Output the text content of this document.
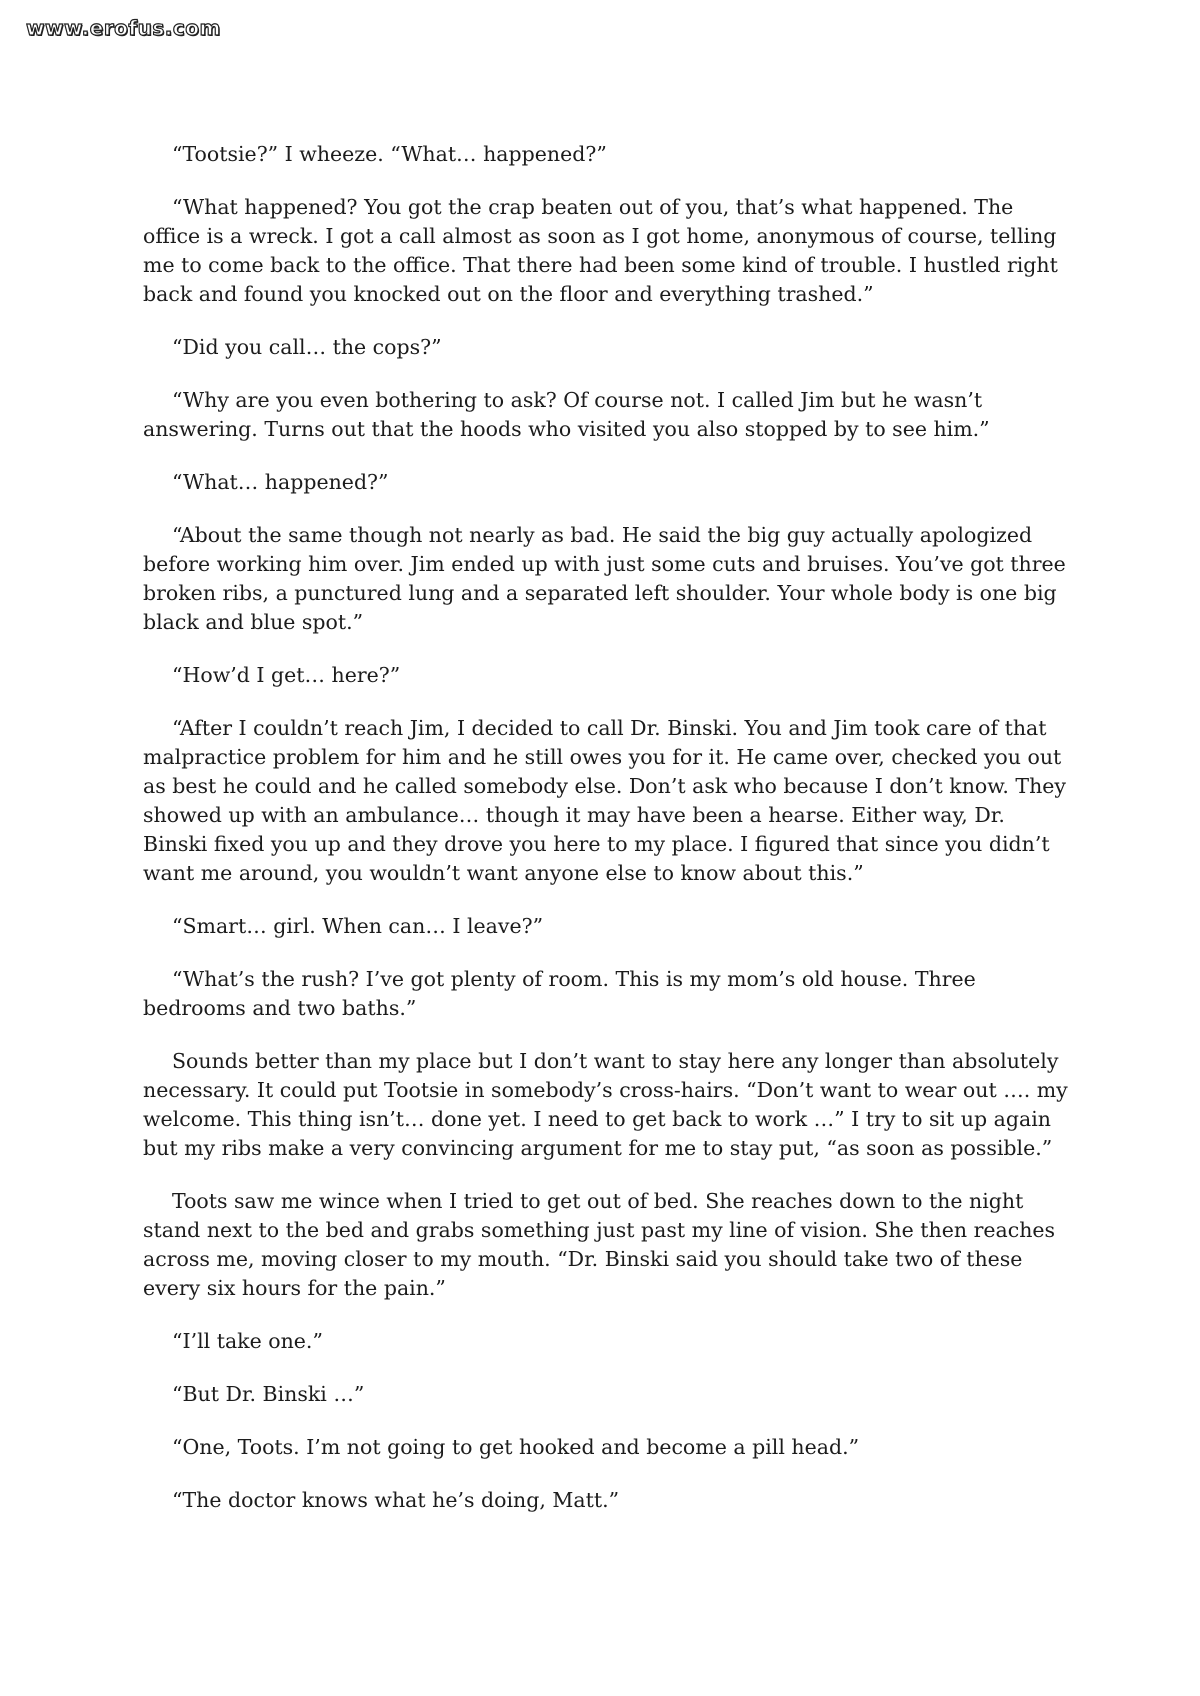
www.erofus.com

“Tootsie?” I wheeze. “What… happened?”

“What happened? You got the crap beaten out of you, that’s what happened. The office is a wreck. I got a call almost as soon as I got home, anonymous of course, telling me to come back to the office. That there had been some kind of trouble. I hustled right back and found you knocked out on the floor and everything trashed.”

“Did you call… the cops?”

“Why are you even bothering to ask? Of course not. I called Jim but he wasn’t answering. Turns out that the hoods who visited you also stopped by to see him.”

“What… happened?”

“About the same though not nearly as bad. He said the big guy actually apologized before working him over. Jim ended up with just some cuts and bruises. You’ve got three broken ribs, a punctured lung and a separated left shoulder. Your whole body is one big black and blue spot.”

“How’d I get… here?”

“After I couldn’t reach Jim, I decided to call Dr. Binski. You and Jim took care of that malpractice problem for him and he still owes you for it. He came over, checked you out as best he could and he called somebody else. Don’t ask who because I don’t know. They showed up with an ambulance… though it may have been a hearse. Either way, Dr. Binski fixed you up and they drove you here to my place. I figured that since you didn’t want me around, you wouldn’t want anyone else to know about this.”

“Smart… girl. When can… I leave?”

“What’s the rush? I’ve got plenty of room. This is my mom’s old house. Three bedrooms and two baths.”

Sounds better than my place but I don’t want to stay here any longer than absolutely necessary. It could put Tootsie in somebody’s cross-hairs. “Don’t want to wear out …. my welcome. This thing isn’t… done yet. I need to get back to work …” I try to sit up again but my ribs make a very convincing argument for me to stay put, “as soon as possible.”

Toots saw me wince when I tried to get out of bed. She reaches down to the night stand next to the bed and grabs something just past my line of vision. She then reaches across me, moving closer to my mouth. “Dr. Binski said you should take two of these every six hours for the pain.”

“I’ll take one.”

“But Dr. Binski …”

“One, Toots. I’m not going to get hooked and become a pill head.”

“The doctor knows what he’s doing, Matt.”
